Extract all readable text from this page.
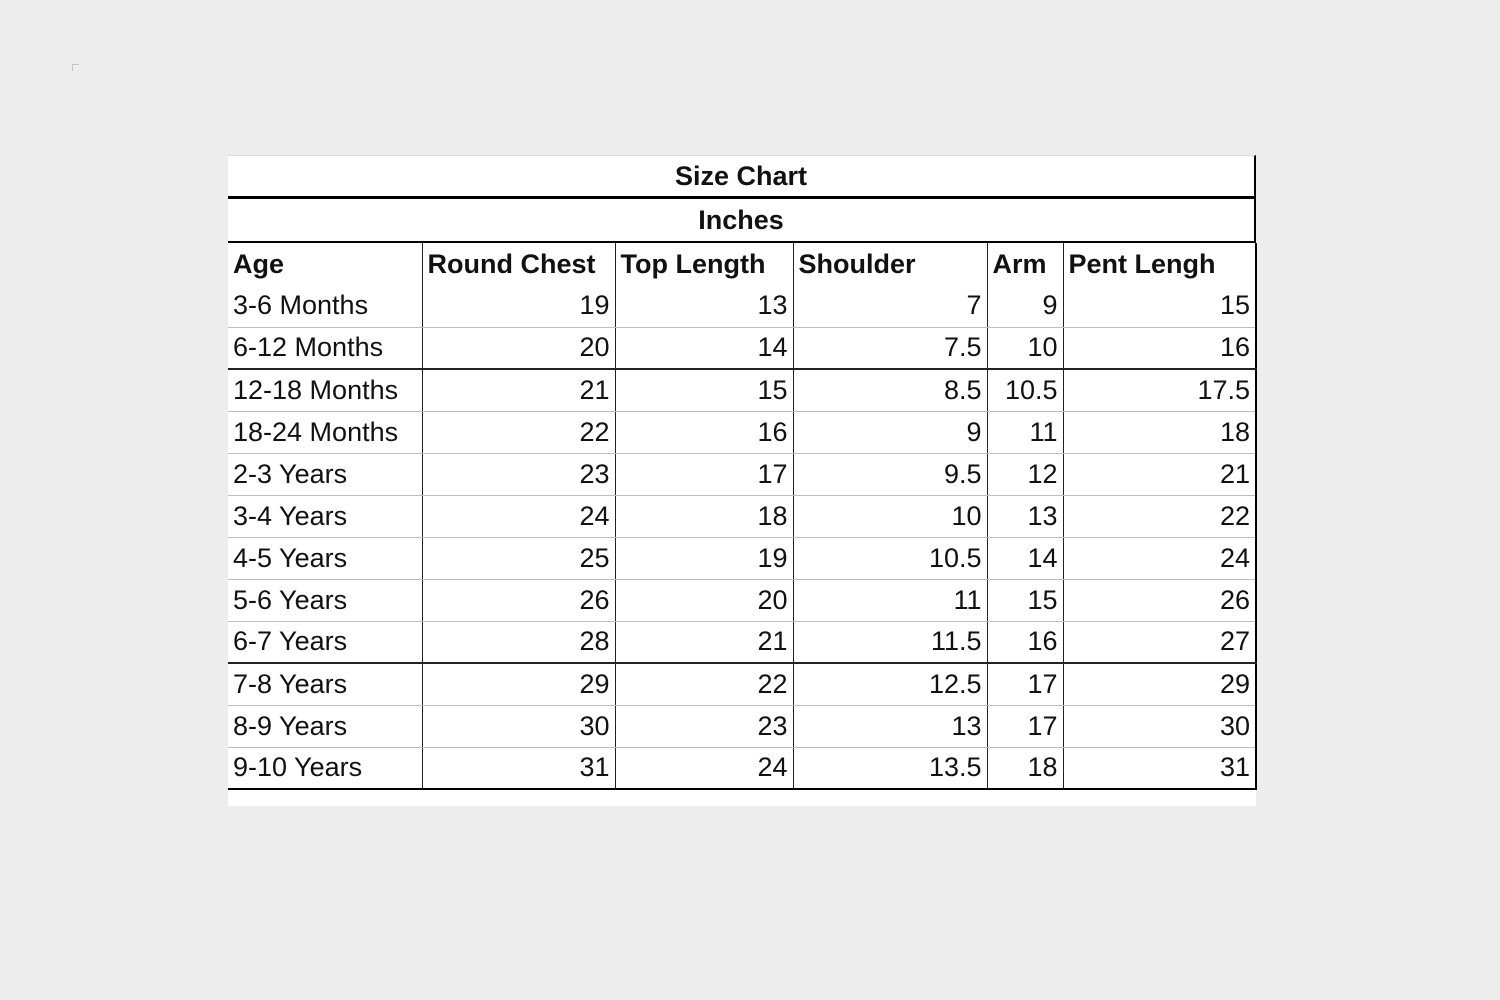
Size Chart
Inches
Age	Round Chest	Top Length	Shoulder	Arm	Pent Lengh
3-6 Months	19	13	7	9	15
6-12 Months	20	14	7.5	10	16
12-18 Months	21	15	8.5	10.5	17.5
18-24 Months	22	16	9	11	18
2-3 Years	23	17	9.5	12	21
3-4 Years	24	18	10	13	22
4-5 Years	25	19	10.5	14	24
5-6 Years	26	20	11	15	26
6-7 Years	28	21	11.5	16	27
7-8 Years	29	22	12.5	17	29
8-9 Years	30	23	13	17	30
9-10 Years	31	24	13.5	18	31
